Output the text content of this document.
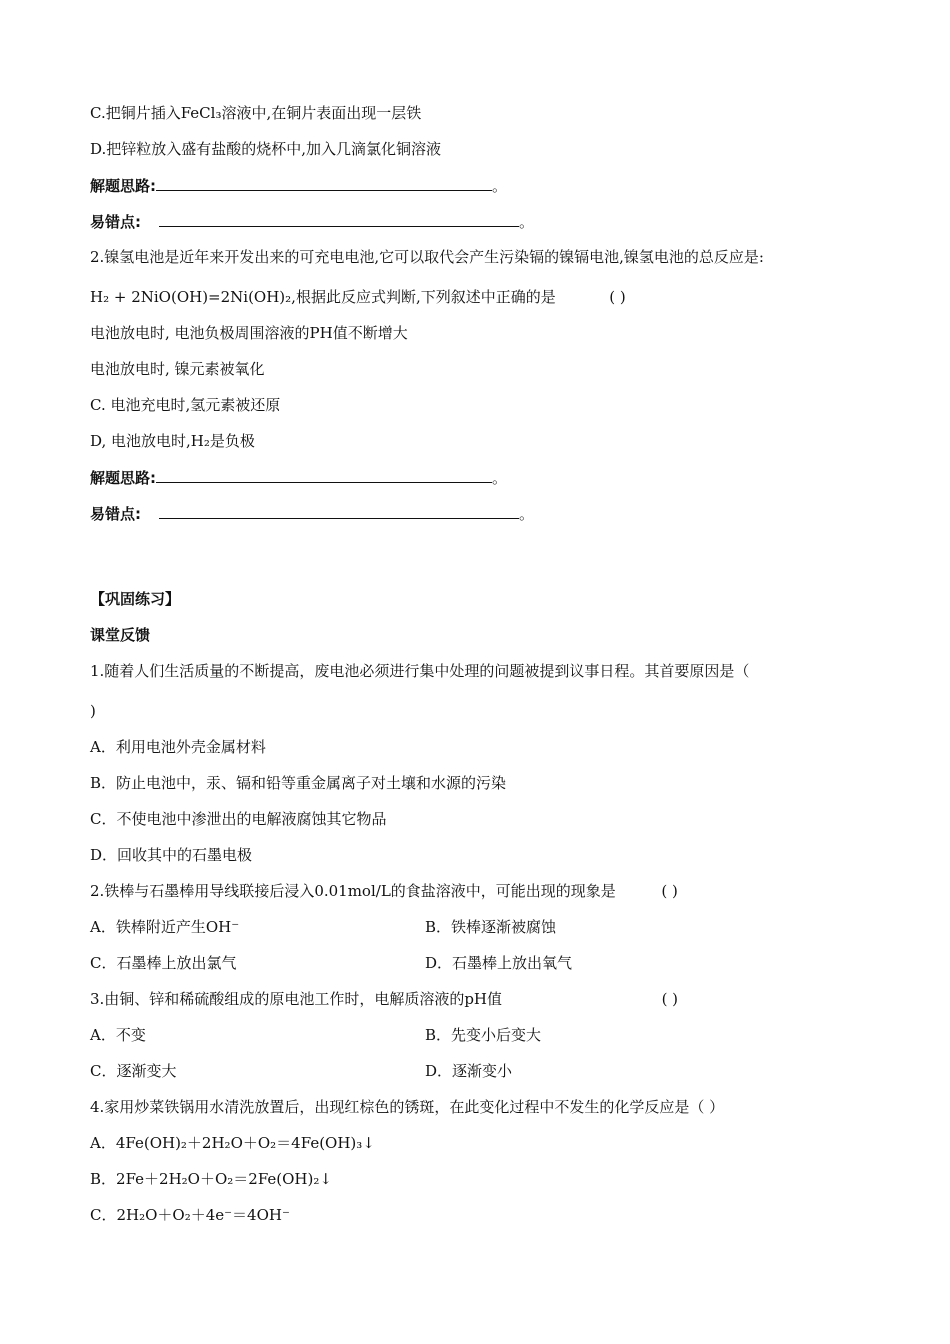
C.把铜片插入FeCl₃溶液中,在铜片表面出现一层铁
D.把锌粒放入盛有盐酸的烧杯中,加入几滴氯化铜溶液
解题思路:	。
易错点:	。
2.镍氢电池是近年来开发出来的可充电电池,它可以取代会产生污染镉的镍镉电池,镍氢电池的总反应是:
H₂ + 2NiO(OH)=2Ni(OH)₂,根据此反应式判断,下列叙述中正确的是	( )
电池放电时, 电池负极周围溶液的PH值不断增大
电池放电时, 镍元素被氧化
C. 电池充电时,氢元素被还原
D, 电池放电时,H₂是负极
解题思路:	。
易错点:	。
【巩固练习】
课堂反馈
1.随着人们生活质量的不断提高，废电池必须进行集中处理的问题被提到议事日程。其首要原因是（
)
A．利用电池外壳金属材料
B．防止电池中，汞、镉和铅等重金属离子对土壤和水源的污染
C．不使电池中渗泄出的电解液腐蚀其它物品
D．回收其中的石墨电极
2.铁棒与石墨棒用导线联接后浸入0.01mol/L的食盐溶液中，可能出现的现象是	( )
A．铁棒附近产生OH⁻	B．铁棒逐渐被腐蚀
C．石墨棒上放出氯气	D．石墨棒上放出氧气
3.由铜、锌和稀硫酸组成的原电池工作时，电解质溶液的pH值	( )
A．不变	B．先变小后变大
C．逐渐变大	D．逐渐变小
4.家用炒菜铁锅用水清洗放置后，出现红棕色的锈斑，在此变化过程中不发生的化学反应是（ ）
A．4Fe(OH)₂＋2H₂O＋O₂＝4Fe(OH)₃↓
B．2Fe＋2H₂O＋O₂＝2Fe(OH)₂↓
C．2H₂O＋O₂＋4e⁻＝4OH⁻
